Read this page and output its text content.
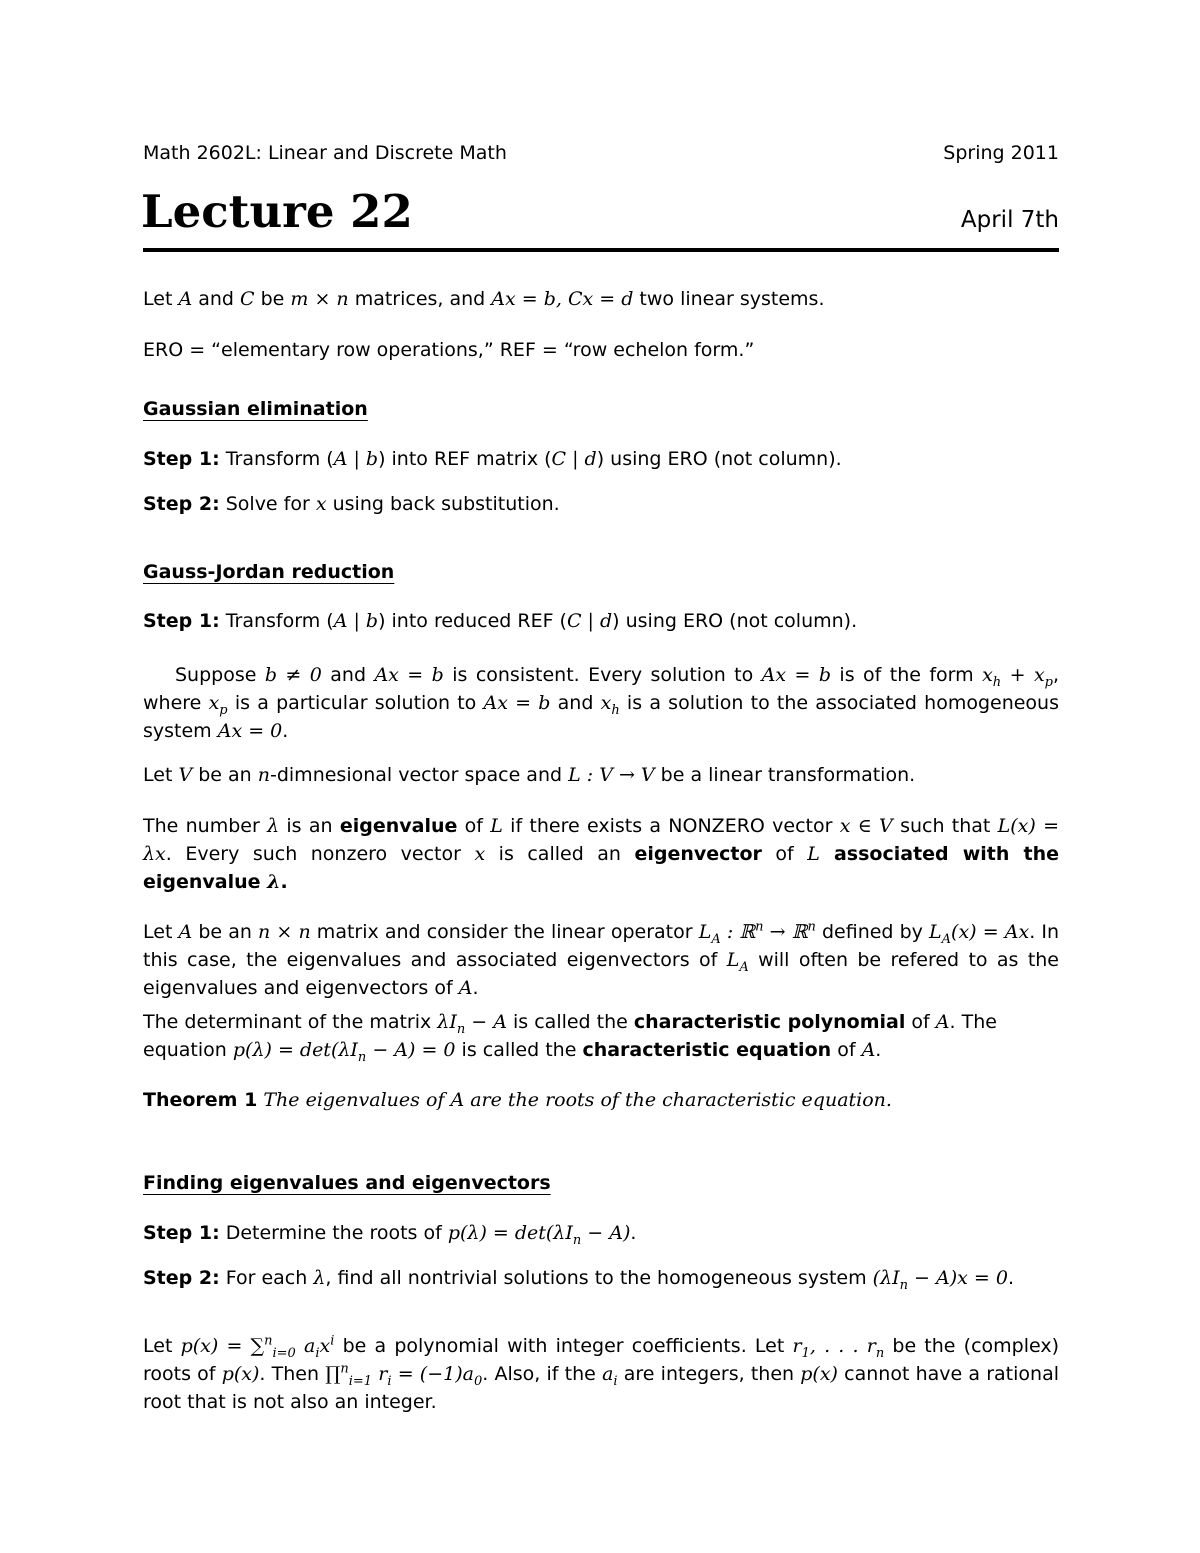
Math 2602L: Linear and Discrete Math	Spring 2011
Lecture 22	April 7th

Let A and C be m × n matrices, and Ax = b, Cx = d two linear systems.

ERO = “elementary row operations,” REF = “row echelon form.”

Gaussian elimination

Step 1: Transform (A | b) into REF matrix (C | d) using ERO (not column).

Step 2: Solve for x using back substitution.

Gauss-Jordan reduction

Step 1: Transform (A | b) into reduced REF (C | d) using ERO (not column).

Suppose b ≠ 0 and Ax = b is consistent. Every solution to Ax = b is of the form $x_h + x_p$, where $x_p$ is a particular solution to Ax = b and $x_h$ is a solution to the associated homogeneous system Ax = 0.

Let V be an n-dimnesional vector space and L : V → V be a linear transformation.

The number λ is an eigenvalue of L if there exists a NONZERO vector x ∈ V such that L(x) = λx. Every such nonzero vector x is called an eigenvector of L associated with the eigenvalue λ.

Let A be an n × n matrix and consider the linear operator $L_A$ : ℝ$^n$ → ℝ$^n$ defined by $L_A(x) = Ax$. In this case, the eigenvalues and associated eigenvectors of $L_A$ will often be refered to as the eigenvalues and eigenvectors of A.

The determinant of the matrix $\lambda I_n - A$ is called the characteristic polynomial of A. The equation $p(\lambda) = \det(\lambda I_n - A) = 0$ is called the characteristic equation of A.

Theorem 1 The eigenvalues of A are the roots of the characteristic equation.

Finding eigenvalues and eigenvectors

Step 1: Determine the roots of $p(\lambda) = \det(\lambda I_n - A)$.

Step 2: For each λ, find all nontrivial solutions to the homogeneous system $(\lambda I_n - A)x = 0$.

Let p(x) = ∑$^n_{i=0}$ $a_ix^i$ be a polynomial with integer coefficients. Let $r_1$, . . . $r_n$ be the (complex) roots of p(x). Then ∏$^n_{i=1}$ $r_i = (-1)a_0$. Also, if the $a_i$ are integers, then p(x) cannot have a rational root that is not also an integer.
